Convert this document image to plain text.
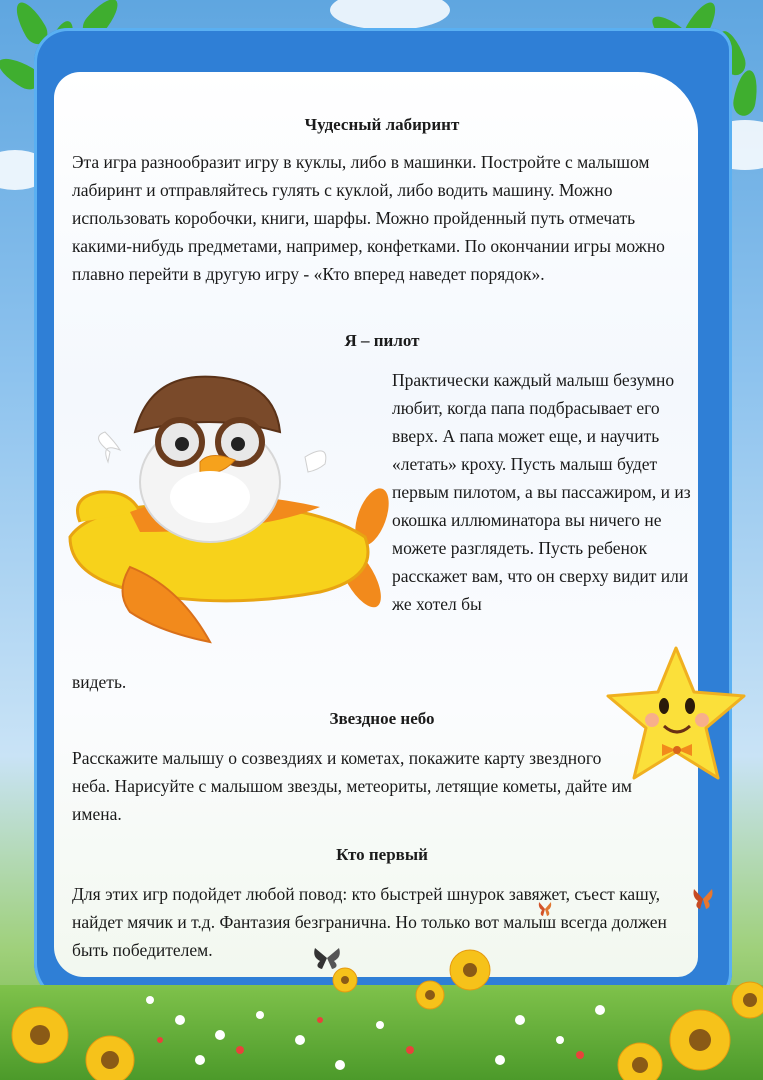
Чудесный лабиринт

Эта игра разнообразит игру в куклы, либо в машинки. Постройте с малышом лабиринт и отправляйтесь гулять с куклой, либо водить машину. Можно использовать коробочки, книги, шарфы. Можно пройденный путь отмечать какими-нибудь предметами, например, конфетками. По окончании игры можно плавно перейти в другую игру - «Кто вперед наведет порядок».

Я – пилот

Практически каждый малыш безумно любит, когда папа подбрасывает его вверх. А папа может еще, и научить «летать» кроху. Пусть малыш будет первым пилотом, а вы пассажиром, и из окошка иллюминатора вы ничего не можете разглядеть. Пусть ребенок расскажет вам, что он сверху видит или же хотел бы

видеть.

Звездное небо

Расскажите малышу о созвездиях и кометах, покажите карту звездного неба. Нарисуйте с малышом звезды, метеориты, летящие кометы, дайте им имена.

Кто первый

Для этих игр подойдет любой повод: кто быстрей шнурок завяжет, съест кашу, найдет мячик и т.д. Фантазия безгранична. Но только вот малыш всегда должен быть победителем.
